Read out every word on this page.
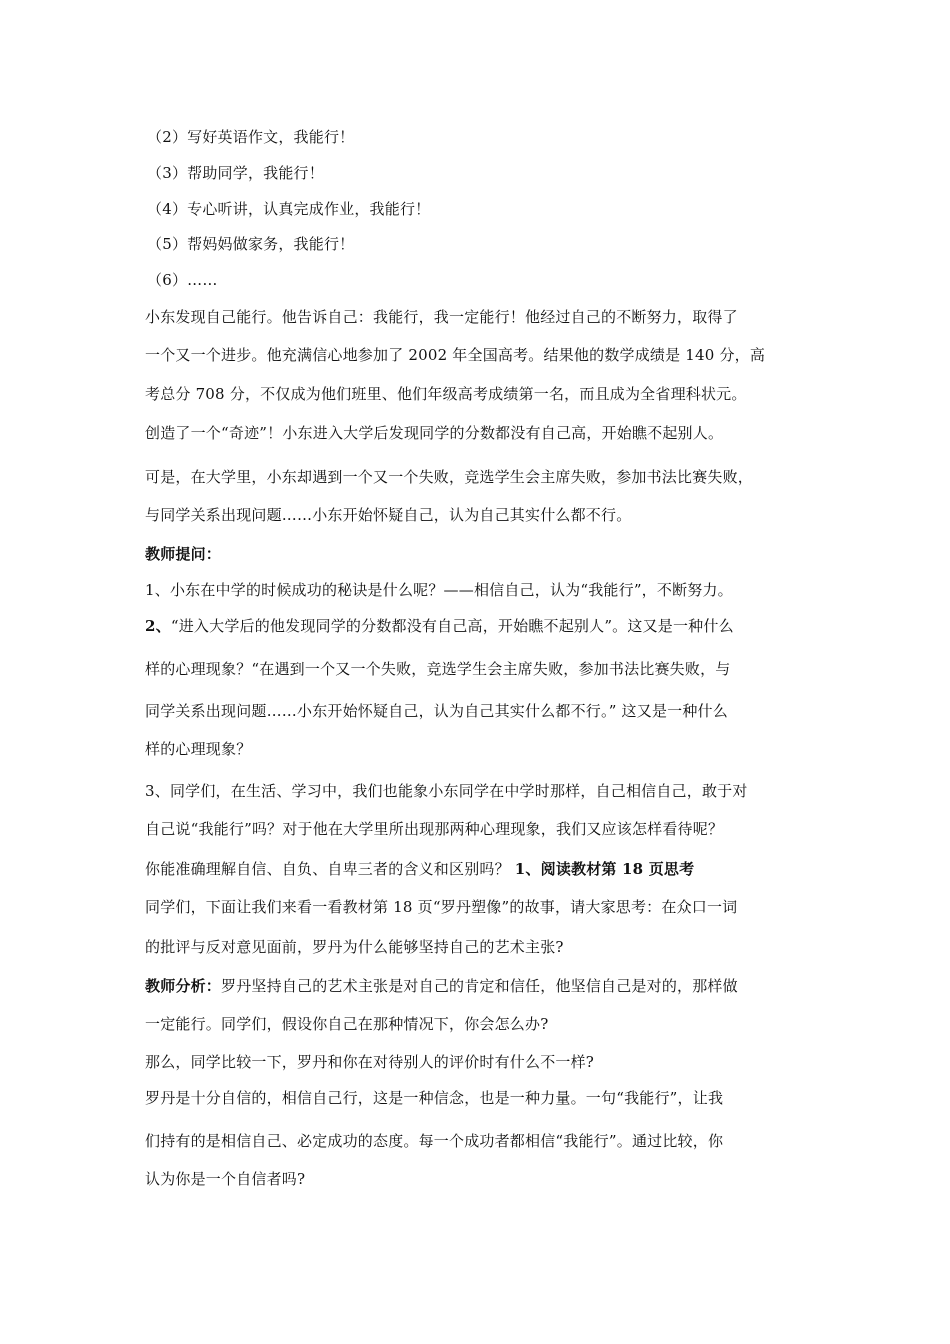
（2）写好英语作文，我能行！
（3）帮助同学，我能行！
（4）专心听讲，认真完成作业，我能行！
（5）帮妈妈做家务，我能行！
（6）……
小东发现自己能行。他告诉自己：我能行，我一定能行！他经过自己的不断努力，取得了
一个又一个进步。他充满信心地参加了 2002 年全国高考。结果他的数学成绩是 140 分，高
考总分 708 分，不仅成为他们班里、他们年级高考成绩第一名，而且成为全省理科状元。
创造了一个“奇迹”！小东进入大学后发现同学的分数都没有自己高，开始瞧不起别人。
可是，在大学里，小东却遇到一个又一个失败，竞选学生会主席失败，参加书法比赛失败，
与同学关系出现问题……小东开始怀疑自己，认为自己其实什么都不行。
教师提问：
1、小东在中学的时候成功的秘诀是什么呢？——相信自己，认为“我能行”，不断努力。
2、“进入大学后的他发现同学的分数都没有自己高，开始瞧不起别人”。这又是一种什么
样的心理现象？“在遇到一个又一个失败，竞选学生会主席失败，参加书法比赛失败，与
同学关系出现问题……小东开始怀疑自己，认为自己其实什么都不行。” 这又是一种什么
样的心理现象？
3、同学们，在生活、学习中，我们也能象小东同学在中学时那样，自己相信自己，敢于对
自己说“我能行”吗？对于他在大学里所出现那两种心理现象，我们又应该怎样看待呢？
你能准确理解自信、自负、自卑三者的含义和区别吗？ 1、阅读教材第 18 页思考
同学们，下面让我们来看一看教材第 18 页“罗丹塑像”的故事，请大家思考：在众口一词
的批评与反对意见面前，罗丹为什么能够坚持自己的艺术主张?
教师分析：罗丹坚持自己的艺术主张是对自己的肯定和信任，他坚信自己是对的，那样做
一定能行。同学们，假设你自己在那种情况下，你会怎么办?
那么，同学比较一下，罗丹和你在对待别人的评价时有什么不一样?
罗丹是十分自信的，相信自己行，这是一种信念，也是一种力量。一句“我能行”，让我
们持有的是相信自己、必定成功的态度。每一个成功者都相信“我能行”。通过比较，你
认为你是一个自信者吗?
